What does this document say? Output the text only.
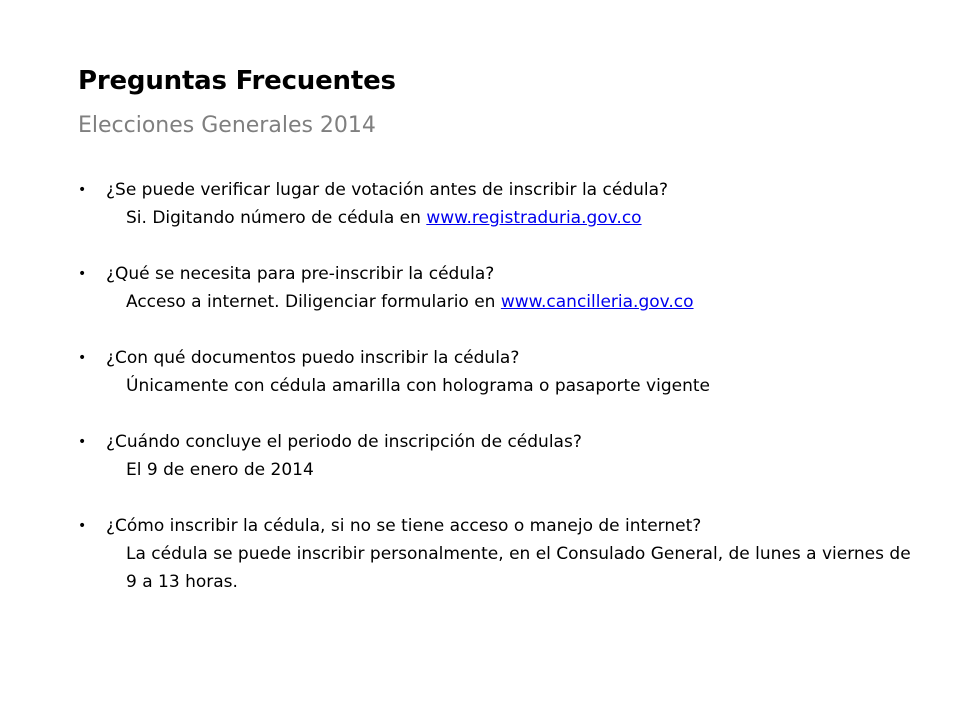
Preguntas Frecuentes
Elecciones Generales 2014
• ¿Se puede verificar lugar de votación antes de inscribir la cédula?
Si. Digitando número de cédula en www.registraduria.gov.co
• ¿Qué se necesita para pre-inscribir la cédula?
Acceso a internet. Diligenciar formulario en www.cancilleria.gov.co
• ¿Con qué documentos puedo inscribir la cédula?
Únicamente con cédula amarilla con holograma o pasaporte vigente
• ¿Cuándo concluye el periodo de inscripción de cédulas?
El 9 de enero de 2014
• ¿Cómo inscribir la cédula, si no se tiene acceso o manejo de internet?
La cédula se puede inscribir personalmente, en el Consulado General, de lunes a viernes de 9 a 13 horas.
